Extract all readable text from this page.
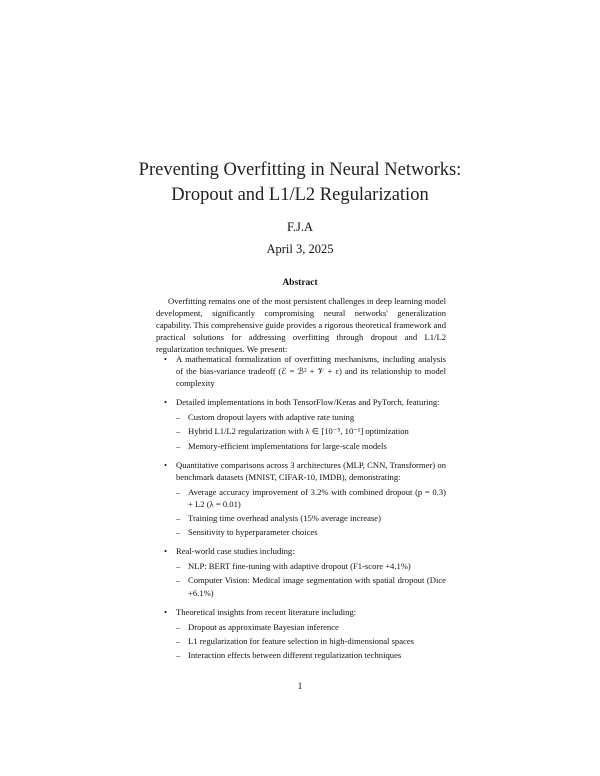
Preventing Overfitting in Neural Networks:
Dropout and L1/L2 Regularization
F.J.A
April 3, 2025
Abstract
Overfitting remains one of the most persistent challenges in deep learning model development, significantly compromising neural networks' generalization capability. This comprehensive guide provides a rigorous theoretical framework and practical solutions for addressing overfitting through dropout and L1/L2 regularization techniques. We present:
• A mathematical formalization of overfitting mechanisms, including analysis of the bias-variance tradeoff (ℰ = ℬ² + 𝒱 + ε) and its relationship to model complexity
• Detailed implementations in both TensorFlow/Keras and PyTorch, featuring:
– Custom dropout layers with adaptive rate tuning
– Hybrid L1/L2 regularization with λ ∈ [10⁻⁵, 10⁻¹] optimization
– Memory-efficient implementations for large-scale models
• Quantitative comparisons across 3 architectures (MLP, CNN, Transformer) on benchmark datasets (MNIST, CIFAR-10, IMDB), demonstrating:
– Average accuracy improvement of 3.2% with combined dropout (p = 0.3) + L2 (λ = 0.01)
– Training time overhead analysis (15% average increase)
– Sensitivity to hyperparameter choices
• Real-world case studies including:
– NLP: BERT fine-tuning with adaptive dropout (F1-score +4.1%)
– Computer Vision: Medical image segmentation with spatial dropout (Dice +6.1%)
• Theoretical insights from recent literature including:
– Dropout as approximate Bayesian inference
– L1 regularization for feature selection in high-dimensional spaces
– Interaction effects between different regularization techniques
1
